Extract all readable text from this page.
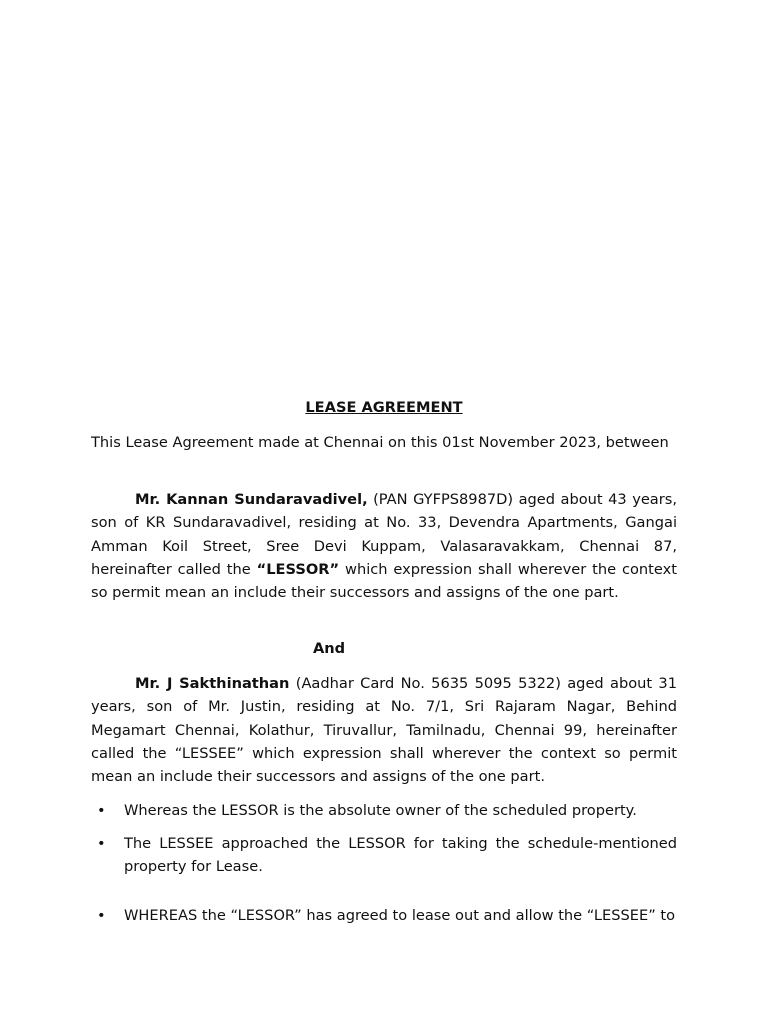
LEASE AGREEMENT

This Lease Agreement made at Chennai on this 01st November 2023, between

Mr. Kannan Sundaravadivel, (PAN GYFPS8987D) aged about 43 years, son of KR Sundaravadivel, residing at No. 33, Devendra Apartments, Gangai Amman Koil Street, Sree Devi Kuppam, Valasaravakkam, Chennai 87, hereinafter called the “LESSOR” which expression shall wherever the context so permit mean an include their successors and assigns of the one part.

And

Mr. J Sakthinathan (Aadhar Card No. 5635 5095 5322) aged about 31 years, son of Mr. Justin, residing at No. 7/1, Sri Rajaram Nagar, Behind Megamart Chennai, Kolathur, Tiruvallur, Tamilnadu, Chennai 99, hereinafter called the “LESSEE” which expression shall wherever the context so permit mean an include their successors and assigns of the one part.

• Whereas the LESSOR is the absolute owner of the scheduled property.
• The LESSEE approached the LESSOR for taking the schedule-mentioned property for Lease.
• WHEREAS the “LESSOR” has agreed to lease out and allow the “LESSEE” to
